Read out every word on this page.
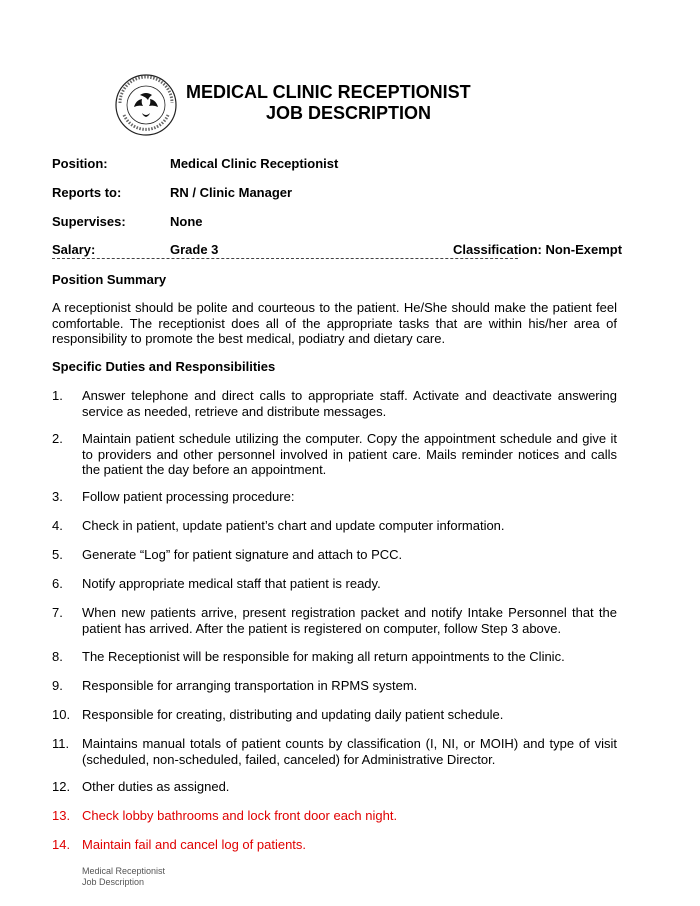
MEDICAL CLINIC RECEPTIONIST
JOB DESCRIPTION
Position:	Medical Clinic Receptionist
Reports to:	RN / Clinic Manager
Supervises:	None
Salary:	Grade 3	Classification: Non-Exempt
Position Summary
A receptionist should be polite and courteous to the patient. He/She should make the patient feel comfortable. The receptionist does all of the appropriate tasks that are within his/her area of responsibility to promote the best medical, podiatry and dietary care.
Specific Duties and Responsibilities
1. Answer telephone and direct calls to appropriate staff. Activate and deactivate answering service as needed, retrieve and distribute messages.
2. Maintain patient schedule utilizing the computer. Copy the appointment schedule and give it to providers and other personnel involved in patient care. Mails reminder notices and calls the patient the day before an appointment.
3. Follow patient processing procedure:
4. Check in patient, update patient’s chart and update computer information.
5. Generate “Log” for patient signature and attach to PCC.
6. Notify appropriate medical staff that patient is ready.
7. When new patients arrive, present registration packet and notify Intake Personnel that the patient has arrived. After the patient is registered on computer, follow Step 3 above.
8. The Receptionist will be responsible for making all return appointments to the Clinic.
9. Responsible for arranging transportation in RPMS system.
10. Responsible for creating, distributing and updating daily patient schedule.
11. Maintains manual totals of patient counts by classification (I, NI, or MOIH) and type of visit (scheduled, non-scheduled, failed, canceled) for Administrative Director.
12. Other duties as assigned.
13. Check lobby bathrooms and lock front door each night.
14. Maintain fail and cancel log of patients.
Medical Receptionist
Job Description
